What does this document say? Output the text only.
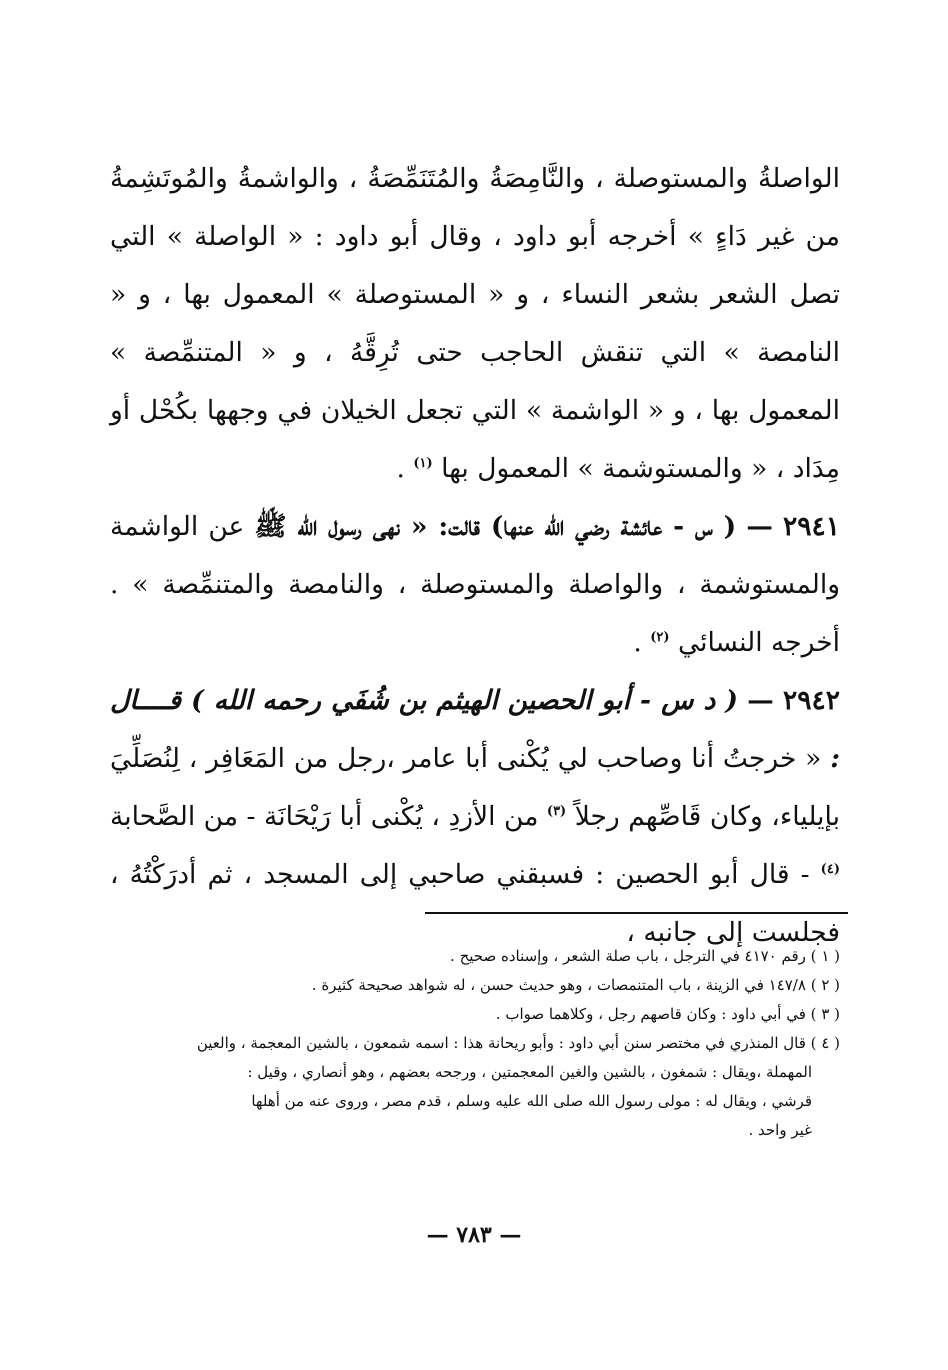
الواصلةُ والمستوصلة ، والنَّامِصَةُ والمُتَنَمِّصَةُ ، والواشمةُ والمُوتَشِمةُ من غير دَاءٍ » أخرجه أبو داود ، وقال أبو داود : « الواصلة » التي تصل الشعر بشعر النساء ، و « المستوصلة » المعمول بها ، و « النامصة » التي تنقش الحاجب حتى تُرِقَّهُ ، و « المتنمِّصة » المعمول بها ، و « الواشمة » التي تجعل الخيلان في وجهها بكُحْل أو مِدَاد ، « والمستوشمة » المعمول بها $^{(١)}$ .

٢٩٤١ — ( س - عائشة رضي الله عنها) قالت: « نهى رسول الله ﷺ عن الواشمة والمستوشمة ، والواصلة والمستوصلة ، والنامصة والمتنمِّصة » . أخرجه النسائي $^{(٢)}$ .

٢٩٤٢ — ( د س - أبو الحصين الهيثم بن شُفَي رحمه الله ) قــــال : « خرجتُ أنا وصاحب لي يُكْنى أبا عامر ،رجل من المَعَافِر ، لِنُصَلِّيَ بإيلياء، وكان قَاصِّهم رجلاً $^{(٣)}$ من الأزدِ ، يُكْنى أبا رَيْحَانَة - من الصَّحابة $^{(٤)}$ - قال أبو الحصين : فسبقني صاحبي إلى المسجد ، ثم أدرَكْتُهُ ، فجلست إلى جانبه ،

( ١ ) رقم ٤١٧٠ في الترجل ، باب صلة الشعر ، وإسناده صحيح .

( ٢ ) ١٤٧/٨ في الزينة ، باب المتنمصات ، وهو حديث حسن ، له شواهد صحيحة كثيرة .

( ٣ ) في أبي داود : وكان قاصهم رجل ، وكلاهما صواب .

( ٤ ) قال المنذري في مختصر سنن أبي داود : وأبو ريحانة هذا : اسمه شمعون ، بالشين المعجمة ، والعين

المهملة ،ويقال : شمغون ، بالشين والغين المعجمتين ، ورجحه بعضهم ، وهو أنصاري ، وقيل :

قرشي ، ويقال له : مولى رسول الله صلى الله عليه وسلم ، قدم مصر ، وروى عنه من أهلها

غير واحد .

— ٧٨٣ —
